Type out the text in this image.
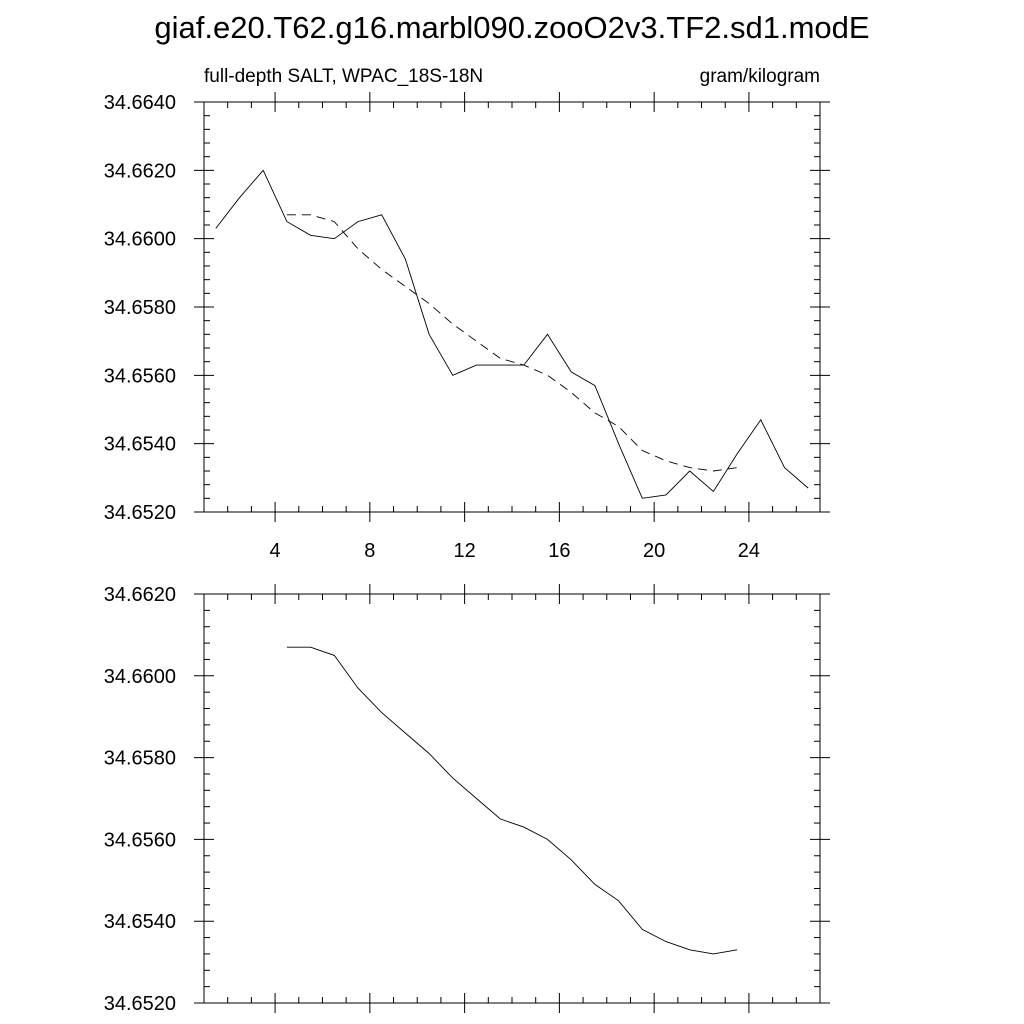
giaf.e20.T62.g16.marbl090.zooO2v3.TF2.sd1.modE
full-depth SALT, WPAC_18S-18N	gram/kilogram
4	8	12	16	20	24
34.6520
34.6540
34.6560
34.6580
34.6600
34.6620
34.6640
34.6520
34.6540
34.6560
34.6580
34.6600
34.6620
